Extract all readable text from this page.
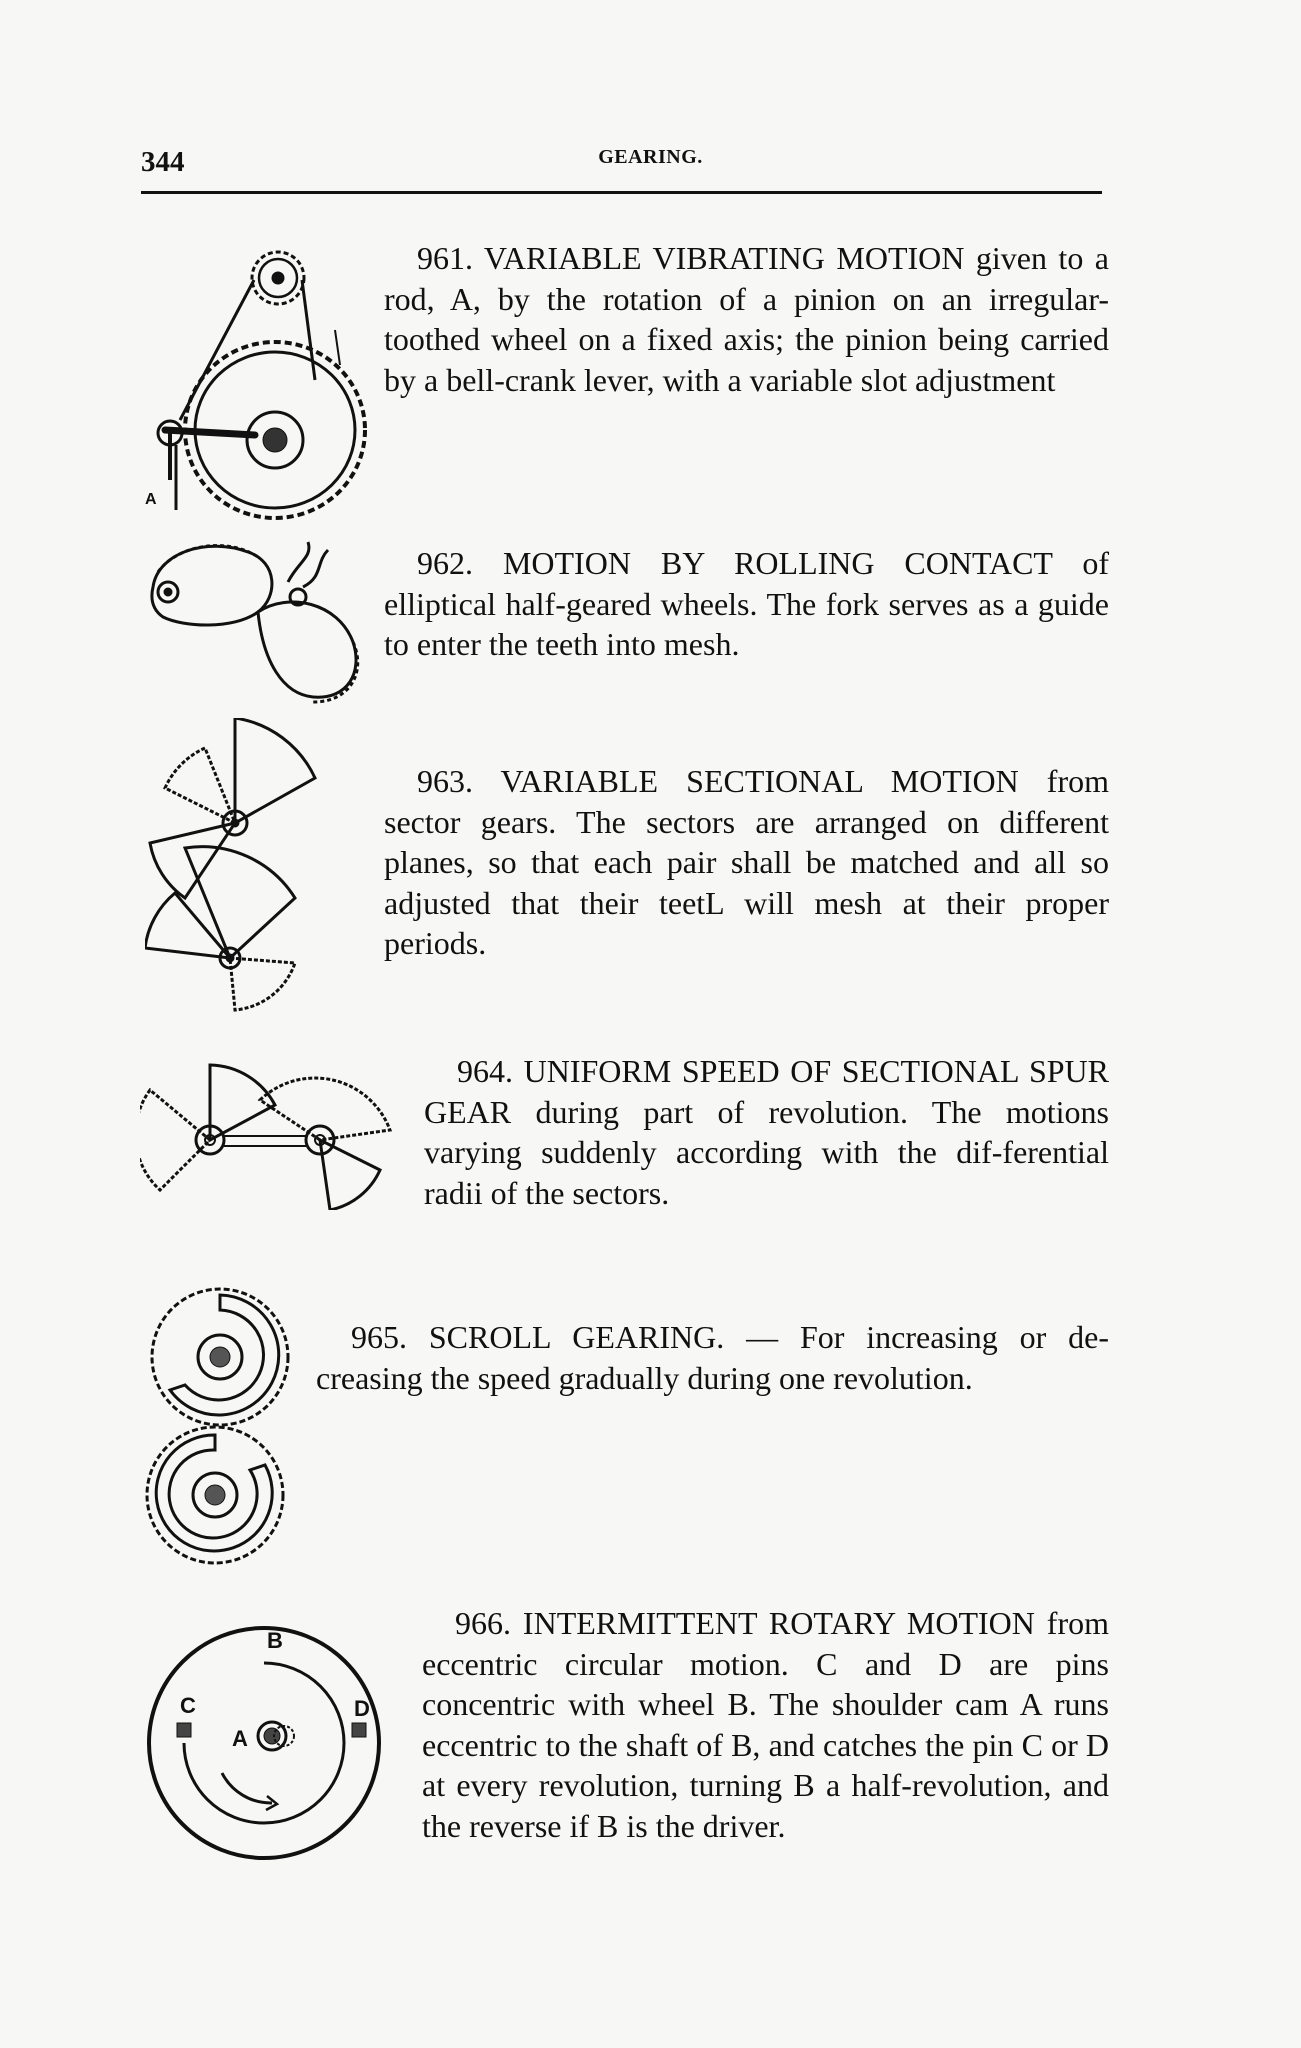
344	GEARING.

961. VARIABLE VIBRATING MOTION given to a rod, A, by the rotation of a pinion on an irregular-toothed wheel on a fixed axis; the pinion being carried by a bell-crank lever, with a variable slot adjustment

962. MOTION BY ROLLING CONTACT of elliptical half-geared wheels. The fork serves as a guide to enter the teeth into mesh.

963. VARIABLE SECTIONAL MOTION from sector gears. The sectors are arranged on different planes, so that each pair shall be matched and all so adjusted that their teetL will mesh at their proper periods.

964. UNIFORM SPEED OF SECTIONAL SPUR GEAR during part of revolution. The motions varying suddenly according with the dif-ferential radii of the sectors.

965. SCROLL GEARING. — For increasing or de-creasing the speed gradually during one revolution.

966. INTERMITTENT ROTARY MOTION from eccentric circular motion. C and D are pins concentric with wheel B. The shoulder cam A runs eccentric to the shaft of B, and catches the pin C or D at every revolution, turning B a half-revolution, and the reverse if B is the driver.

A
B
C
A
D
